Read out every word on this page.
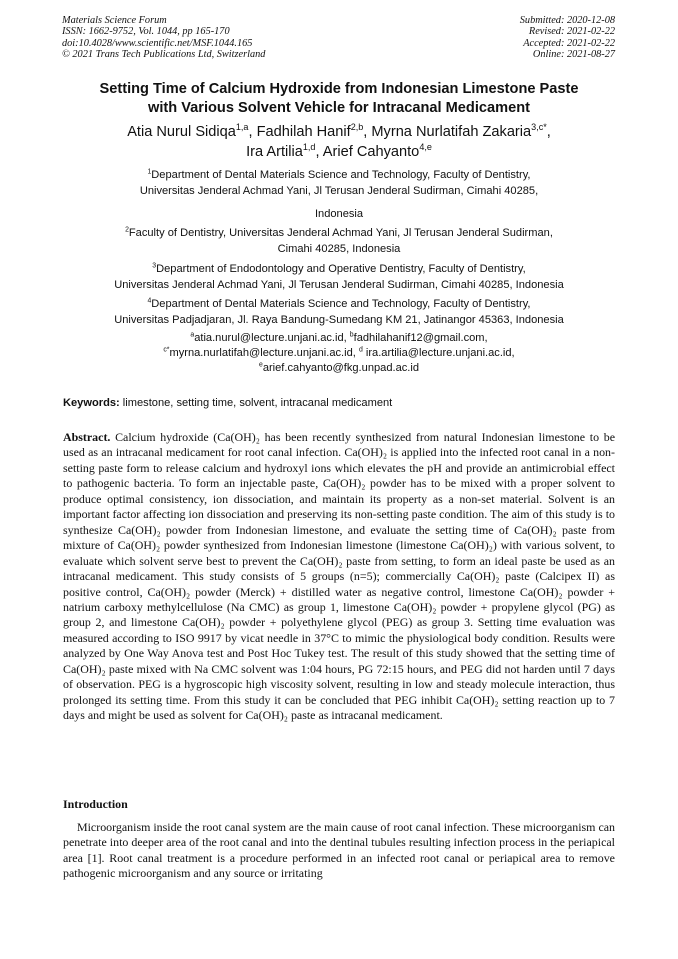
Materials Science Forum
ISSN: 1662-9752, Vol. 1044, pp 165-170
doi:10.4028/www.scientific.net/MSF.1044.165
© 2021 Trans Tech Publications Ltd, Switzerland
Submitted: 2020-12-08
Revised: 2021-02-22
Accepted: 2021-02-22
Online: 2021-08-27
Setting Time of Calcium Hydroxide from Indonesian Limestone Paste
with Various Solvent Vehicle for Intracanal Medicament
Atia Nurul Sidiqa$^{1,a}$, Fadhilah Hanif$^{2,b}$, Myrna Nurlatifah Zakaria$^{3,c*}$,
Ira Artilia$^{1,d}$, Arief Cahyanto$^{4,e}$
$^1$Department of Dental Materials Science and Technology, Faculty of Dentistry,
Universitas Jenderal Achmad Yani, Jl Terusan Jenderal Sudirman, Cimahi 40285,
Indonesia
$^2$Faculty of Dentistry, Universitas Jenderal Achmad Yani, Jl Terusan Jenderal Sudirman,
Cimahi 40285, Indonesia
$^3$Department of Endodontology and Operative Dentistry, Faculty of Dentistry,
Universitas Jenderal Achmad Yani, Jl Terusan Jenderal Sudirman, Cimahi 40285, Indonesia
$^4$Department of Dental Materials Science and Technology, Faculty of Dentistry,
Universitas Padjadjaran, Jl. Raya Bandung-Sumedang KM 21, Jatinangor 45363, Indonesia
$^a$atia.nurul@lecture.unjani.ac.id, $^b$fadhilahanif12@gmail.com,
$^{c*}$myrna.nurlatifah@lecture.unjani.ac.id, $^d$ ira.artilia@lecture.unjani.ac.id,
$^e$arief.cahyanto@fkg.unpad.ac.id
Keywords: limestone, setting time, solvent, intracanal medicament
Abstract. Calcium hydroxide (Ca(OH)₂ has been recently synthesized from natural Indonesian limestone to be used as an intracanal medicament for root canal infection. Ca(OH)₂ is applied into the infected root canal in a non-setting paste form to release calcium and hydroxyl ions which elevates the pH and provide an antimicrobial effect to pathogenic bacteria. To form an injectable paste, Ca(OH)₂ powder has to be mixed with a proper solvent to produce optimal consistency, ion dissociation, and maintain its property as a non-set material. Solvent is an important factor affecting ion dissociation and preserving its non-setting paste condition. The aim of this study is to synthesize Ca(OH)₂ powder from Indonesian limestone, and evaluate the setting time of Ca(OH)₂ paste from mixture of Ca(OH)₂ powder synthesized from Indonesian limestone (limestone Ca(OH)₂) with various solvent, to evaluate which solvent serve best to prevent the Ca(OH)₂ paste from setting, to form an ideal paste be used as an intracanal medicament. This study consists of 5 groups (n=5); commercially Ca(OH)₂ paste (Calcipex II) as positive control, Ca(OH)₂ powder (Merck) + distilled water as negative control, limestone Ca(OH)₂ powder + natrium carboxy methylcellulose (Na CMC) as group 1, limestone Ca(OH)₂ powder + propylene glycol (PG) as group 2, and limestone Ca(OH)₂ powder + polyethylene glycol (PEG) as group 3. Setting time evaluation was measured according to ISO 9917 by vicat needle in 37°C to mimic the physiological body condition. Results were analyzed by One Way Anova test and Post Hoc Tukey test. The result of this study showed that the setting time of Ca(OH)₂ paste mixed with Na CMC solvent was 1:04 hours, PG 72:15 hours, and PEG did not harden until 7 days of observation. PEG is a hygroscopic high viscosity solvent, resulting in low and steady molecule interaction, thus prolonged its setting time. From this study it can be concluded that PEG inhibit Ca(OH)₂ setting reaction up to 7 days and might be used as solvent for Ca(OH)₂ paste as intracanal medicament.
Introduction
Microorganism inside the root canal system are the main cause of root canal infection. These microorganism can penetrate into deeper area of the root canal and into the dentinal tubules resulting infection process in the periapical area [1]. Root canal treatment is a procedure performed in an infected root canal or periapical area to remove pathogenic microorganism and any source or irritating
